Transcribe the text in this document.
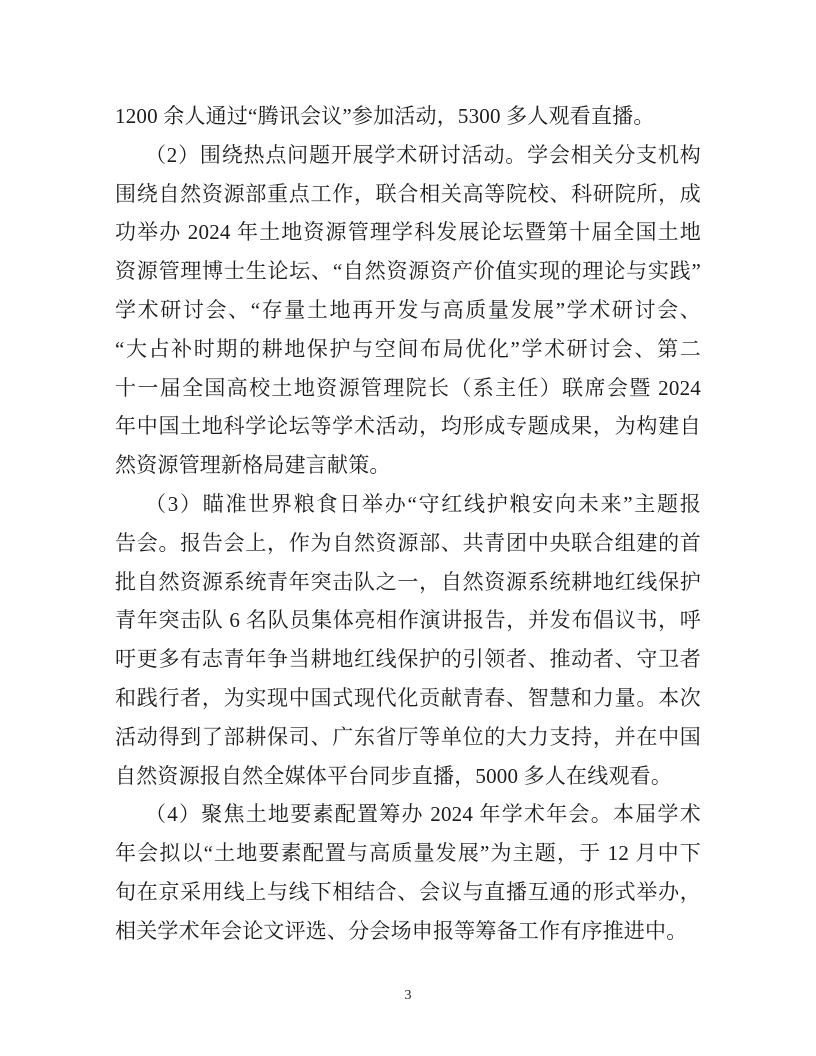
1200 余人通过“腾讯会议”参加活动，5300 多人观看直播。
（2）围绕热点问题开展学术研讨活动。学会相关分支机构
围绕自然资源部重点工作，联合相关高等院校、科研院所，成
功举办 2024 年土地资源管理学科发展论坛暨第十届全国土地
资源管理博士生论坛、“自然资源资产价值实现的理论与实践”
学术研讨会、“存量土地再开发与高质量发展”学术研讨会、
“大占补时期的耕地保护与空间布局优化”学术研讨会、第二
十一届全国高校土地资源管理院长（系主任）联席会暨 2024
年中国土地科学论坛等学术活动，均形成专题成果，为构建自
然资源管理新格局建言献策。
（3）瞄准世界粮食日举办“守红线护粮安向未来”主题报
告会。报告会上，作为自然资源部、共青团中央联合组建的首
批自然资源系统青年突击队之一，自然资源系统耕地红线保护
青年突击队 6 名队员集体亮相作演讲报告，并发布倡议书，呼
吁更多有志青年争当耕地红线保护的引领者、推动者、守卫者
和践行者，为实现中国式现代化贡献青春、智慧和力量。本次
活动得到了部耕保司、广东省厅等单位的大力支持，并在中国
自然资源报自然全媒体平台同步直播，5000 多人在线观看。
（4）聚焦土地要素配置筹办 2024 年学术年会。本届学术
年会拟以“土地要素配置与高质量发展”为主题，于 12 月中下
旬在京采用线上与线下相结合、会议与直播互通的形式举办，
相关学术年会论文评选、分会场申报等筹备工作有序推进中。
3
